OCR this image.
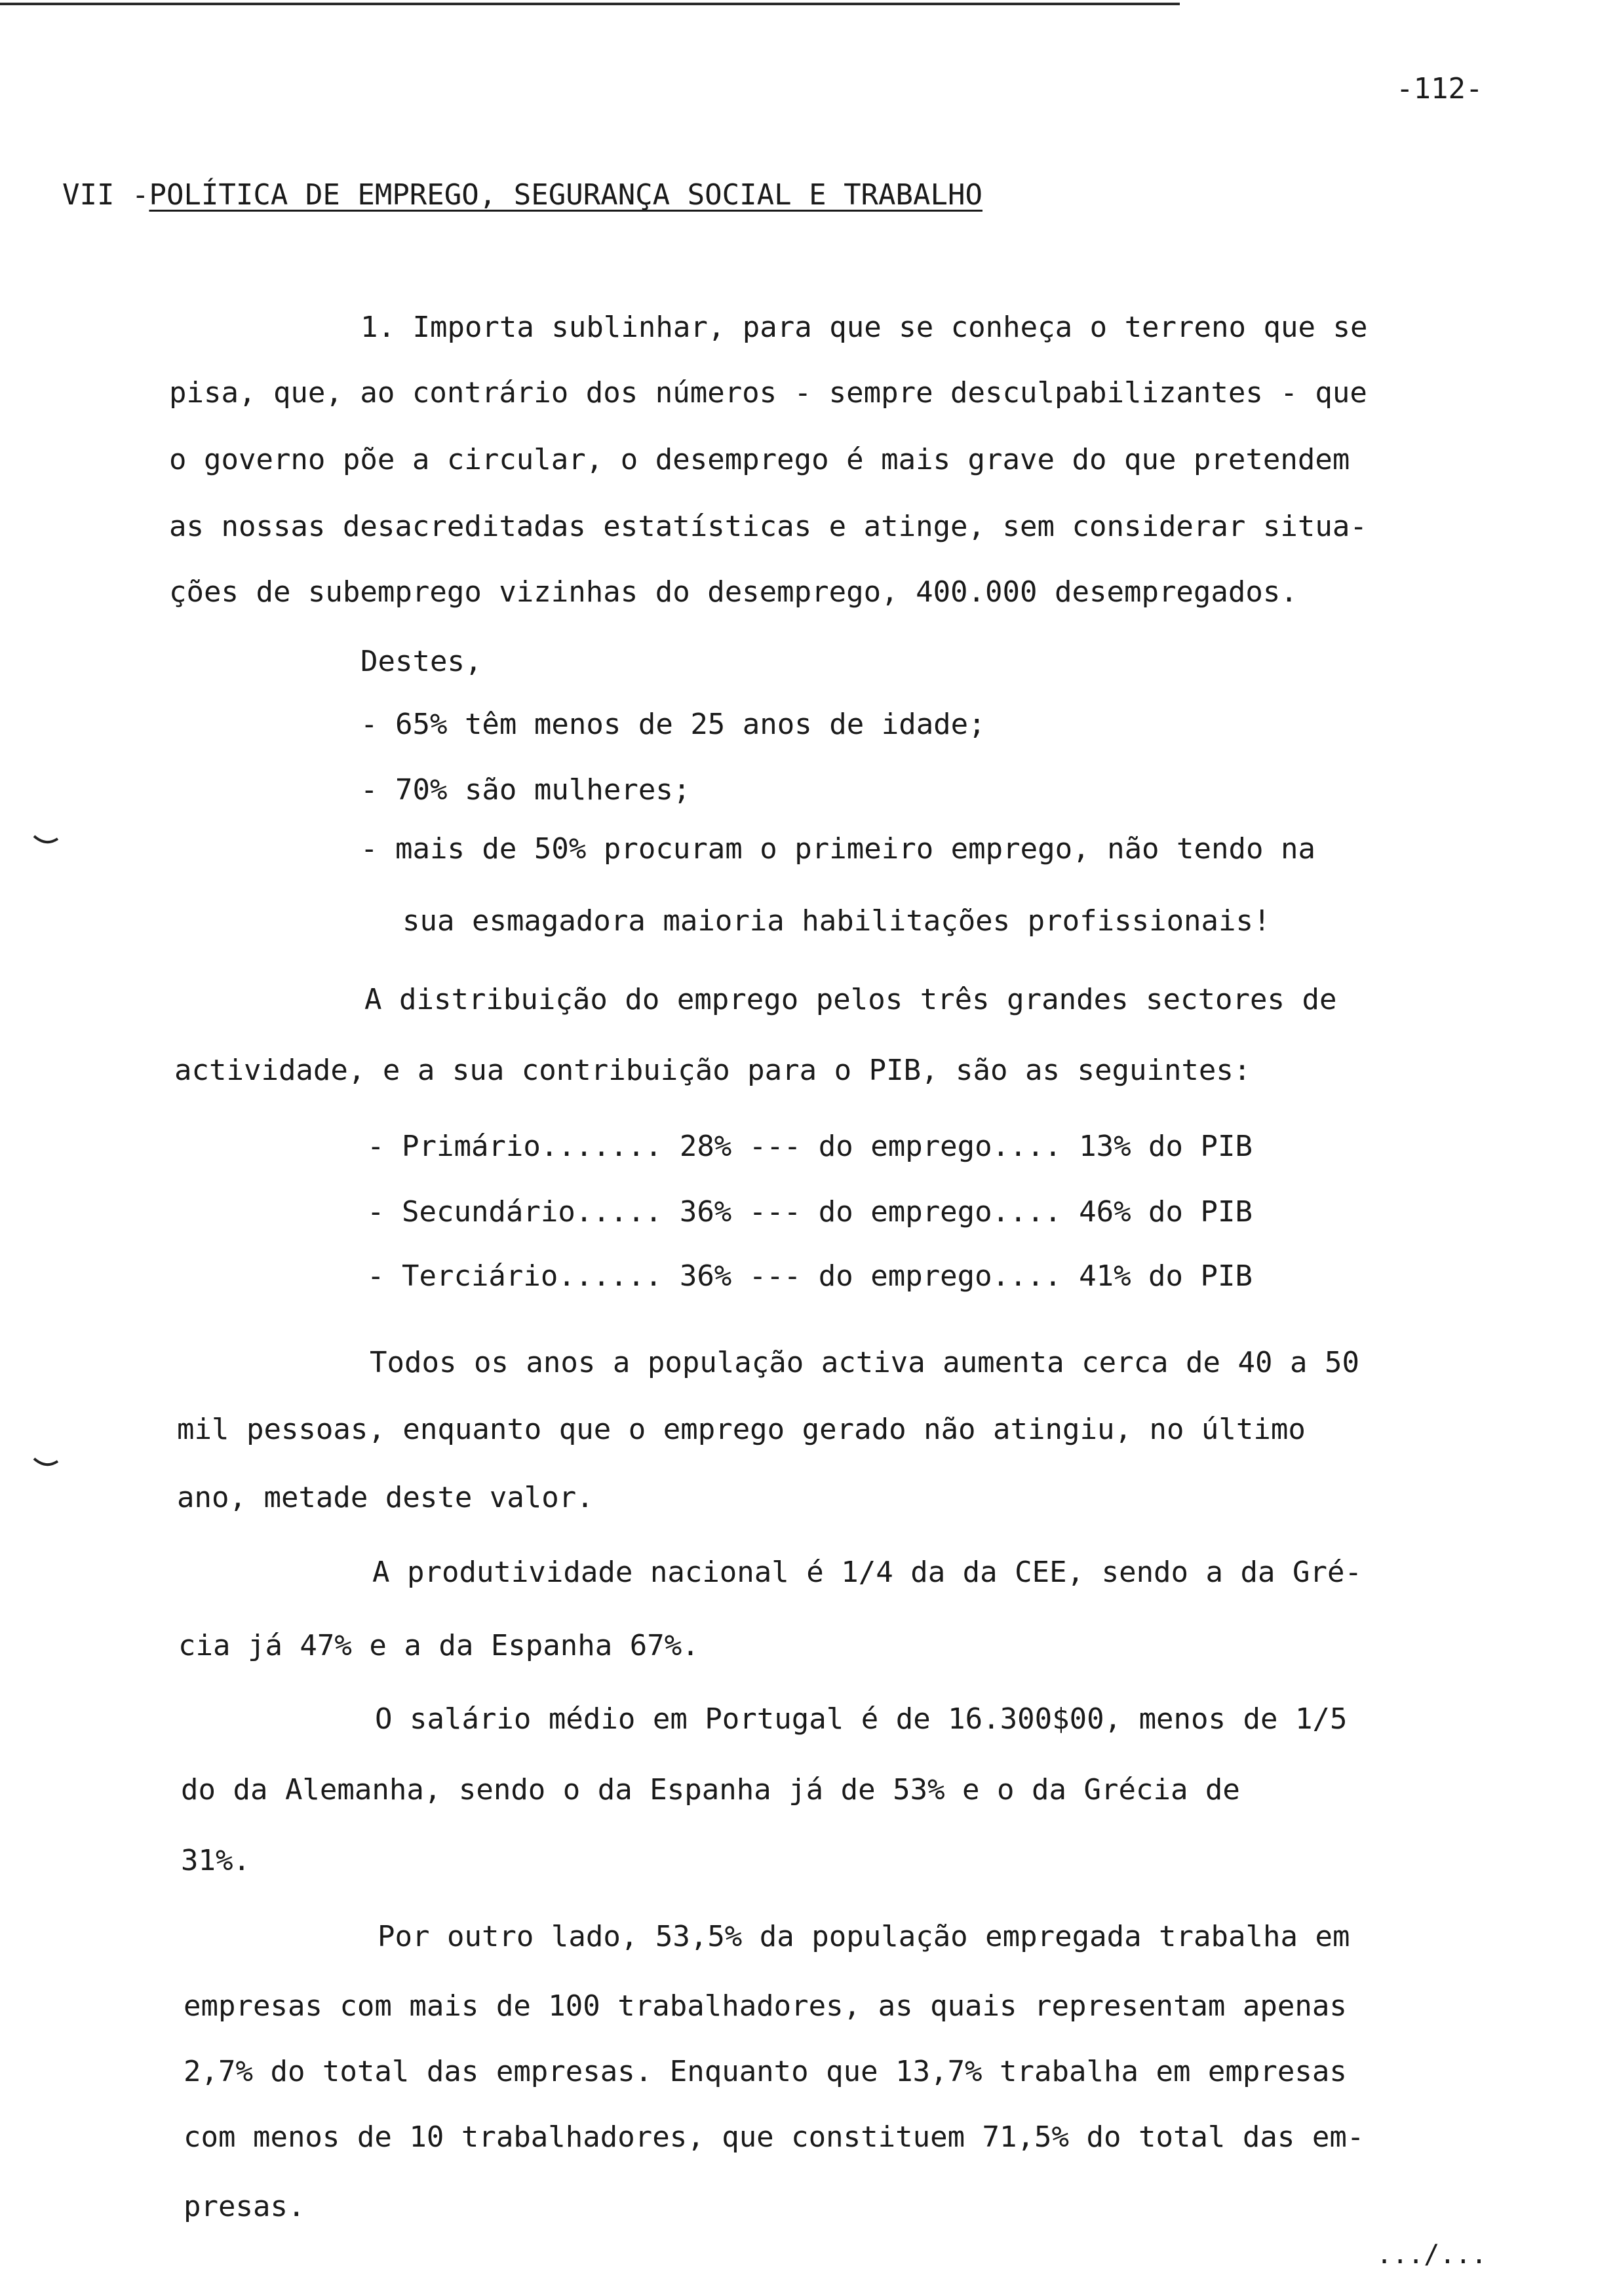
-112-
VII -POLÍTICA DE EMPREGO, SEGURANÇA SOCIAL E TRABALHO
1. Importa sublinhar, para que se conheça o terreno que se
pisa, que, ao contrário dos números - sempre desculpabilizantes - que
o governo põe a circular, o desemprego é mais grave do que pretendem
as nossas desacreditadas estatísticas e atinge, sem considerar situa-
ções de subemprego vizinhas do desemprego, 400.000 desempregados.
Destes,
- 65% têm menos de 25 anos de idade;
- 70% são mulheres;
- mais de 50% procuram o primeiro emprego, não tendo na
sua esmagadora maioria habilitações profissionais!
A distribuição do emprego pelos três grandes sectores de
actividade, e a sua contribuição para o PIB, são as seguintes:
- Primário....... 28% --- do emprego.... 13% do PIB
- Secundário..... 36% --- do emprego.... 46% do PIB
- Terciário...... 36% --- do emprego.... 41% do PIB
Todos os anos a população activa aumenta cerca de 40 a 50
mil pessoas, enquanto que o emprego gerado não atingiu, no último
ano, metade deste valor.
A produtividade nacional é 1/4 da da CEE, sendo a da Gré-
cia já 47% e a da Espanha 67%.
O salário médio em Portugal é de 16.300$00, menos de 1/5
do da Alemanha, sendo o da Espanha já de 53% e o da Grécia de
31%.
Por outro lado, 53,5% da população empregada trabalha em
empresas com mais de 100 trabalhadores, as quais representam apenas
2,7% do total das empresas. Enquanto que 13,7% trabalha em empresas
com menos de 10 trabalhadores, que constituem 71,5% do total das em-
presas.
.../...
